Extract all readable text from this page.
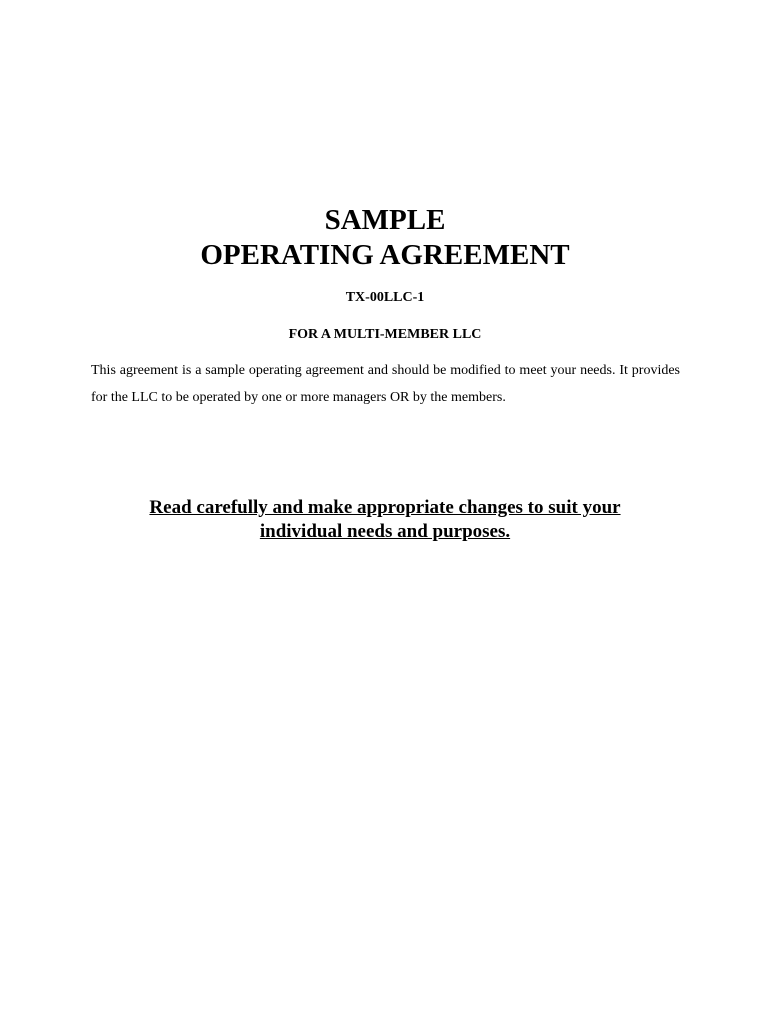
SAMPLE
OPERATING AGREEMENT
TX-00LLC-1
FOR A MULTI-MEMBER LLC

This agreement is a sample operating agreement and should be modified to meet your needs. It provides for the LLC to be operated by one or more managers OR by the members.

Read carefully and make appropriate changes to suit your individual needs and purposes.
